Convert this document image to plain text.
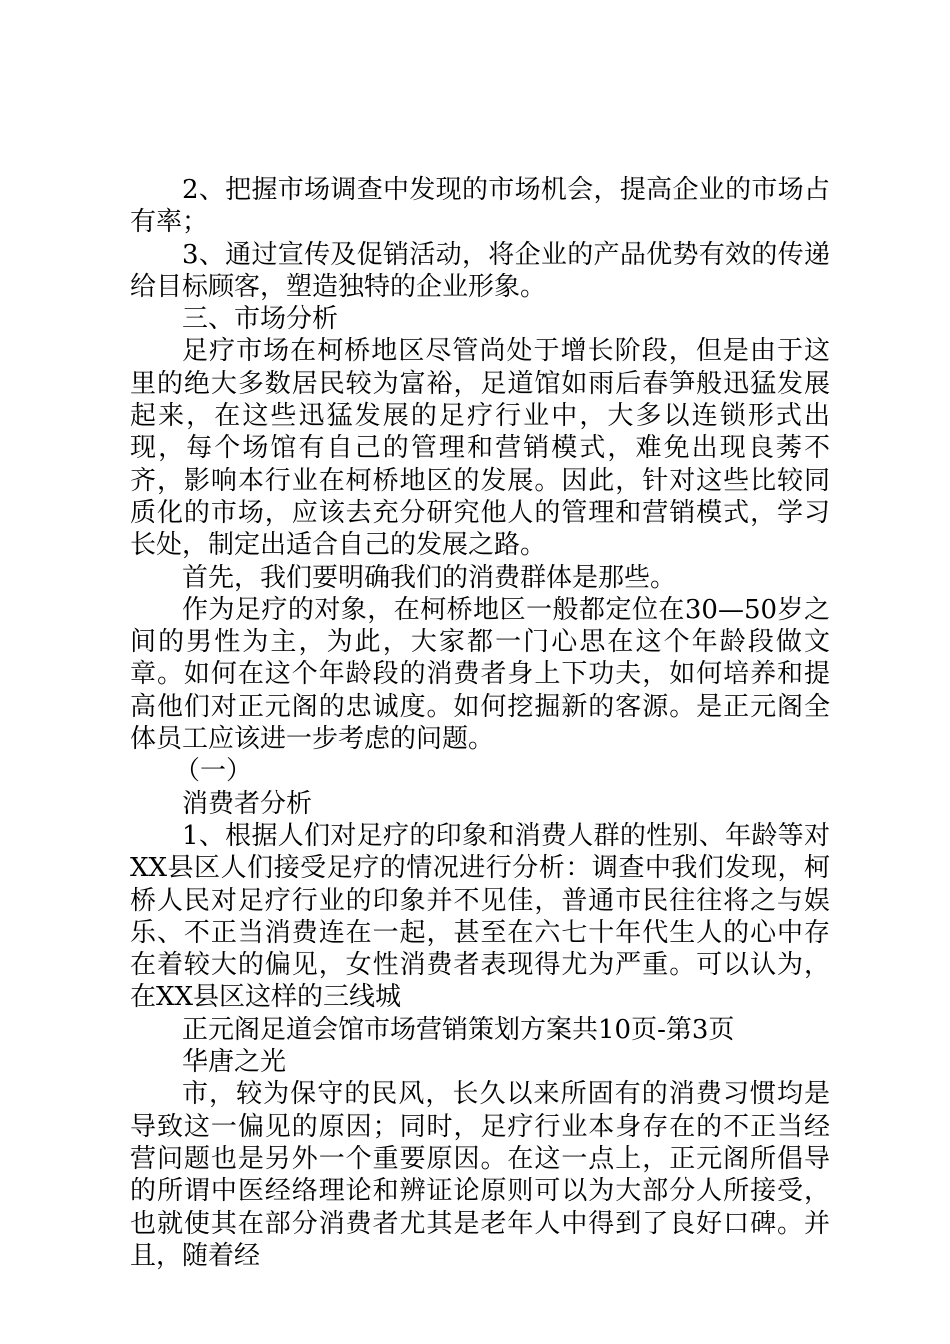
2、把握市场调查中发现的市场机会，提高企业的市场占有率；

3、通过宣传及促销活动，将企业的产品优势有效的传递给目标顾客，塑造独特的企业形象。

三、市场分析

足疗市场在柯桥地区尽管尚处于增长阶段，但是由于这里的绝大多数居民较为富裕，足道馆如雨后春笋般迅猛发展起来，在这些迅猛发展的足疗行业中，大多以连锁形式出现，每个场馆有自己的管理和营销模式，难免出现良莠不齐，影响本行业在柯桥地区的发展。因此，针对这些比较同质化的市场，应该去充分研究他人的管理和营销模式，学习长处，制定出适合自己的发展之路。

首先，我们要明确我们的消费群体是那些。

作为足疗的对象，在柯桥地区一般都定位在30—50岁之间的男性为主，为此，大家都一门心思在这个年龄段做文章。如何在这个年龄段的消费者身上下功夫，如何培养和提高他们对正元阁的忠诚度。如何挖掘新的客源。是正元阁全体员工应该进一步考虑的问题。

（一）

消费者分析

1、根据人们对足疗的印象和消费人群的性别、年龄等对XX县区人们接受足疗的情况进行分析：调查中我们发现，柯桥人民对足疗行业的印象并不见佳，普通市民往往将之与娱乐、不正当消费连在一起，甚至在六七十年代生人的心中存在着较大的偏见，女性消费者表现得尤为严重。可以认为，在XX县区这样的三线城

正元阁足道会馆市场营销策划方案共10页-第3页

华唐之光

市，较为保守的民风，长久以来所固有的消费习惯均是导致这一偏见的原因；同时，足疗行业本身存在的不正当经营问题也是另外一个重要原因。在这一点上，正元阁所倡导的所谓中医经络理论和辨证论原则可以为大部分人所接受，也就使其在部分消费者尤其是老年人中得到了良好口碑。并且，随着经
